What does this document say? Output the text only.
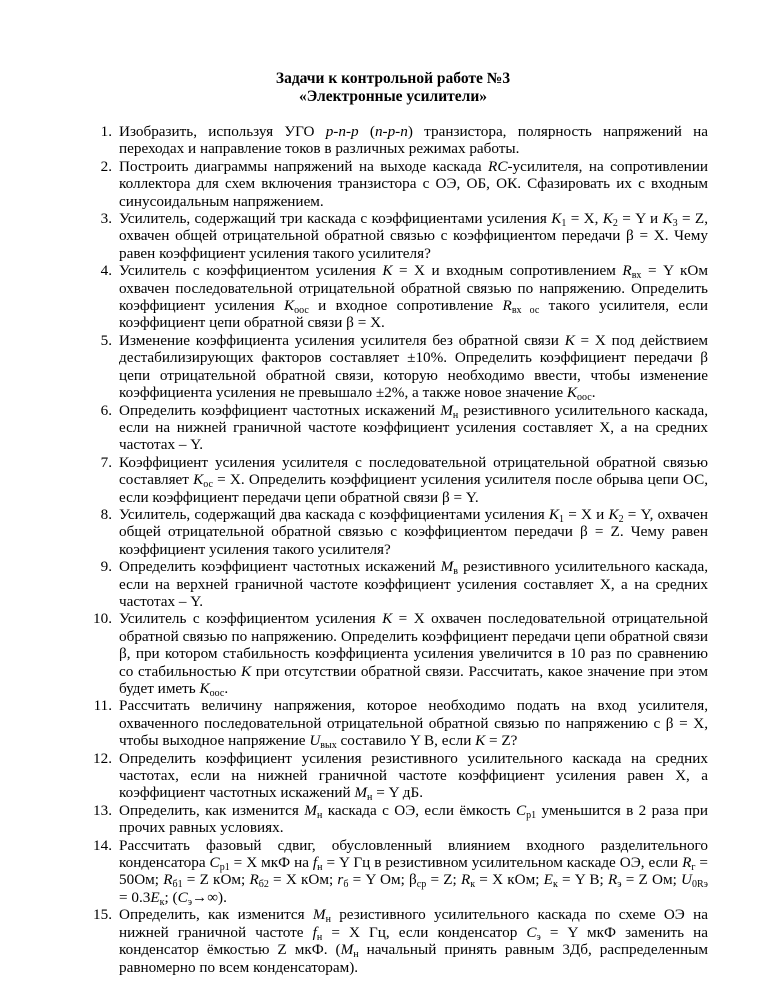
Задачи к контрольной работе №3
«Электронные усилители»
1. Изобразить, используя УГО p-n-p (n-p-n) транзистора, полярность напряжений на переходах и направление токов в различных режимах работы.
2. Построить диаграммы напряжений на выходе каскада RC-усилителя, на сопротивлении коллектора для схем включения транзистора с ОЭ, ОБ, ОК. Сфазировать их с входным синусоидальным напряжением.
3. Усилитель, содержащий три каскада с коэффициентами усиления $К_1 = X$, $К_2 = Y$ и $К_3 = Z$, охвачен общей отрицательной обратной связью с коэффициентом передачи β = X. Чему равен коэффициент усиления такого усилителя?
4. Усилитель с коэффициентом усиления К = X и входным сопротивлением $R_{вх} = Y$ кОм охвачен последовательной отрицательной обратной связью по напряжению. Определить коэффициент усиления $К_{оос}$ и входное сопротивление $R_{вх ос}$ такого усилителя, если коэффициент цепи обратной связи β = X.
5. Изменение коэффициента усиления усилителя без обратной связи К = X под действием дестабилизирующих факторов составляет ±10%. Определить коэффициент передачи β цепи отрицательной обратной связи, которую необходимо ввести, чтобы изменение коэффициента усиления не превышало ±2%, а также новое значение $К_{оос}$.
6. Определить коэффициент частотных искажений $М_н$ резистивного усилительного каскада, если на нижней граничной частоте коэффициент усиления составляет X, а на средних частотах – Y.
7. Коэффициент усиления усилителя с последовательной отрицательной обратной связью составляет $К_{ос} = X$. Определить коэффициент усиления усилителя после обрыва цепи ОС, если коэффициент передачи цепи обратной связи β = Y.
8. Усилитель, содержащий два каскада с коэффициентами усиления $К_1 = X$ и $К_2 = Y$, охвачен общей отрицательной обратной связью с коэффициентом передачи β = Z. Чему равен коэффициент усиления такого усилителя?
9. Определить коэффициент частотных искажений $М_в$ резистивного усилительного каскада, если на верхней граничной частоте коэффициент усиления составляет X, а на средних частотах – Y.
10. Усилитель с коэффициентом усиления К = X охвачен последовательной отрицательной обратной связью по напряжению. Определить коэффициент передачи цепи обратной связи β, при котором стабильность коэффициента усиления увеличится в 10 раз по сравнению со стабильностью К при отсутствии обратной связи. Рассчитать, какое значение при этом будет иметь $К_{оос}$.
11. Рассчитать величину напряжения, которое необходимо подать на вход усилителя, охваченного последовательной отрицательной обратной связью по напряжению с β = X, чтобы выходное напряжение $U_{вых}$ составило Y В, если К = Z?
12. Определить коэффициент усиления резистивного усилительного каскада на средних частотах, если на нижней граничной частоте коэффициент усиления равен X, а коэффициент частотных искажений $М_н = Y$ дБ.
13. Определить, как изменится $М_н$ каскада с ОЭ, если ёмкость $С_{р1}$ уменьшится в 2 раза при прочих равных условиях.
14. Рассчитать фазовый сдвиг, обусловленный влиянием входного разделительного конденсатора $С_{р1} = X$ мкФ на $f_н = Y$ Гц в резистивном усилительном каскаде ОЭ, если $R_г = 50Ом$; $R_{б1} = Z$ кОм; $R_{б2} = X$ кОм; $r_б = Y$ Ом; $\beta_{ср} = Z$; $R_к = X$ кОм; $Е_к = Y$ В; $R_э = Z$ Ом; $U_{0Rэ} = 0.3Е_к$; $(С_э\to\infty)$.
15. Определить, как изменится $М_н$ резистивного усилительного каскада по схеме ОЭ на нижней граничной частоте $f_н = X$ Гц, если конденсатор $С_э = Y$ мкФ заменить на конденсатор ёмкостью Z мкФ. ($М_н$ начальный принять равным 3Дб, распределенным равномерно по всем конденсаторам).
